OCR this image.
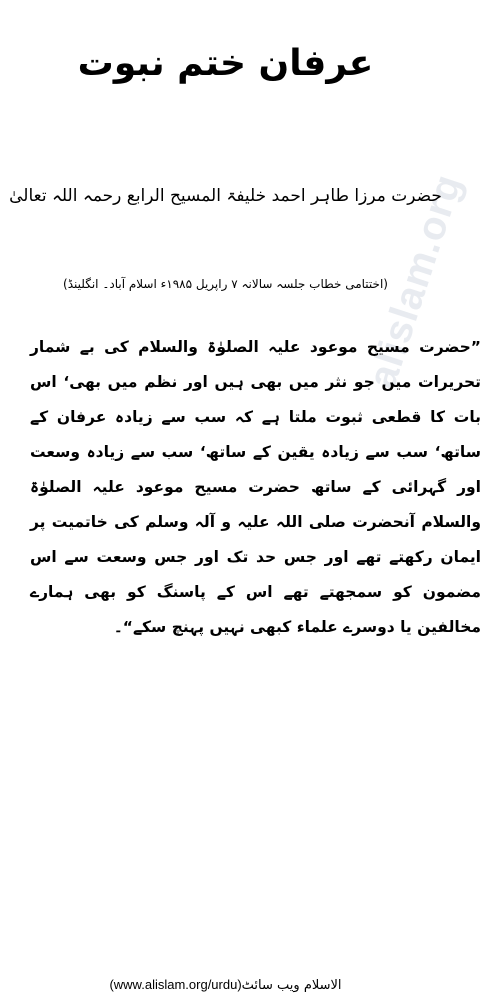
alislam.org
عرفان ختم نبوت
حضرت مرزا طاہر احمد خلیفۃ المسیح الرابع رحمہ اللہ تعالیٰ
(اختتامی خطاب جلسہ سالانہ ۷ راپریل ۱۹۸۵ء اسلام آباد۔ انگلینڈ)
”حضرت مسیح موعود علیہ الصلوٰۃ والسلام کی بے شمار تحریرات میں جو نثر میں بھی ہیں اور نظم میں بھی‘ اس بات کا قطعی ثبوت ملتا ہے کہ سب سے زیادہ عرفان کے ساتھ‘ سب سے زیادہ یقین کے ساتھ‘ سب سے زیادہ وسعت اور گہرائی کے ساتھ حضرت مسیح موعود علیہ الصلوٰۃ والسلام آنحضرت صلی اللہ علیہ و آلہ وسلم کی خاتمیت پر ایمان رکھتے تھے اور جس حد تک اور جس وسعت سے اس مضمون کو سمجھتے تھے اس کے پاسنگ کو بھی ہمارے مخالفین یا دوسرے علماء کبھی نہیں پہنچ سکے“۔
الاسلام ویب سائٹ(www.alislam.org/urdu)
